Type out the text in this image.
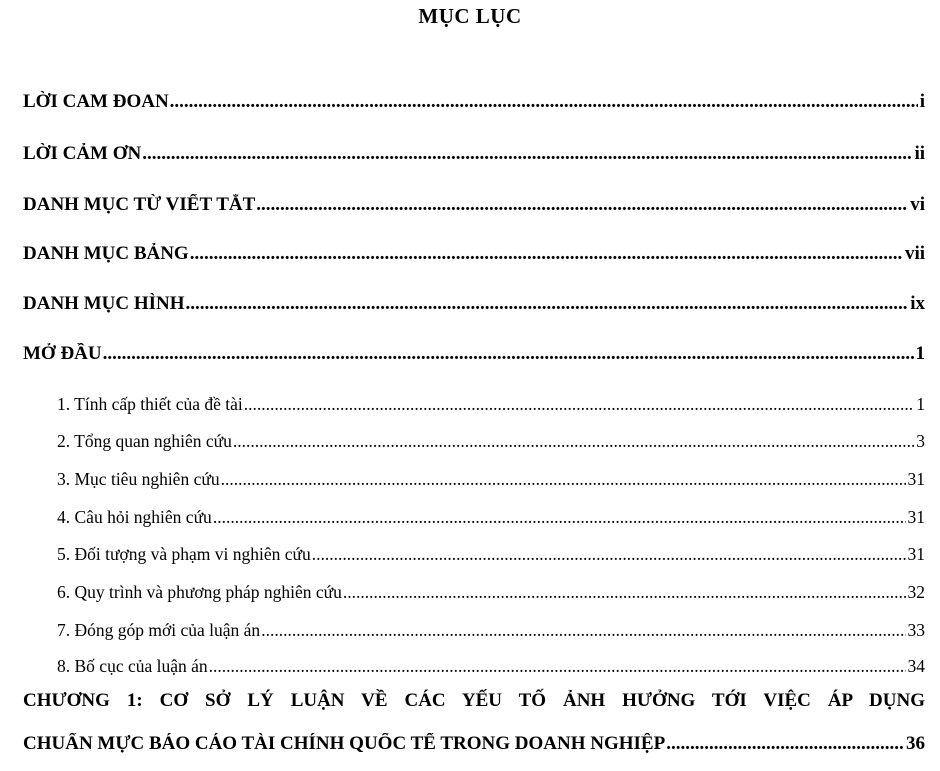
MỤC LỤC
LỜI CAM ĐOAN .....	i
LỜI CẢM ƠN .....	ii
DANH MỤC TỪ VIẾT TẮT .....	vi
DANH MỤC BẢNG .....	vii
DANH MỤC HÌNH .....	ix
MỞ ĐẦU .....	1
1. Tính cấp thiết của đề tài .....	1
2. Tổng quan nghiên cứu .....	3
3. Mục tiêu nghiên cứu .....	31
4. Câu hỏi nghiên cứu .....	31
5. Đối tượng và phạm vi nghiên cứu .....	31
6. Quy trình và phương pháp nghiên cứu .....	32
7. Đóng góp mới của luận án .....	33
8. Bố cục của luận án .....	34
CHƯƠNG 1: CƠ SỞ LÝ LUẬN VỀ CÁC YẾU TỐ ẢNH HƯỞNG TỚI VIỆC ÁP DỤNG
CHUẨN MỰC BÁO CÁO TÀI CHÍNH QUỐC TẾ TRONG DOANH NGHIỆP .....	36
